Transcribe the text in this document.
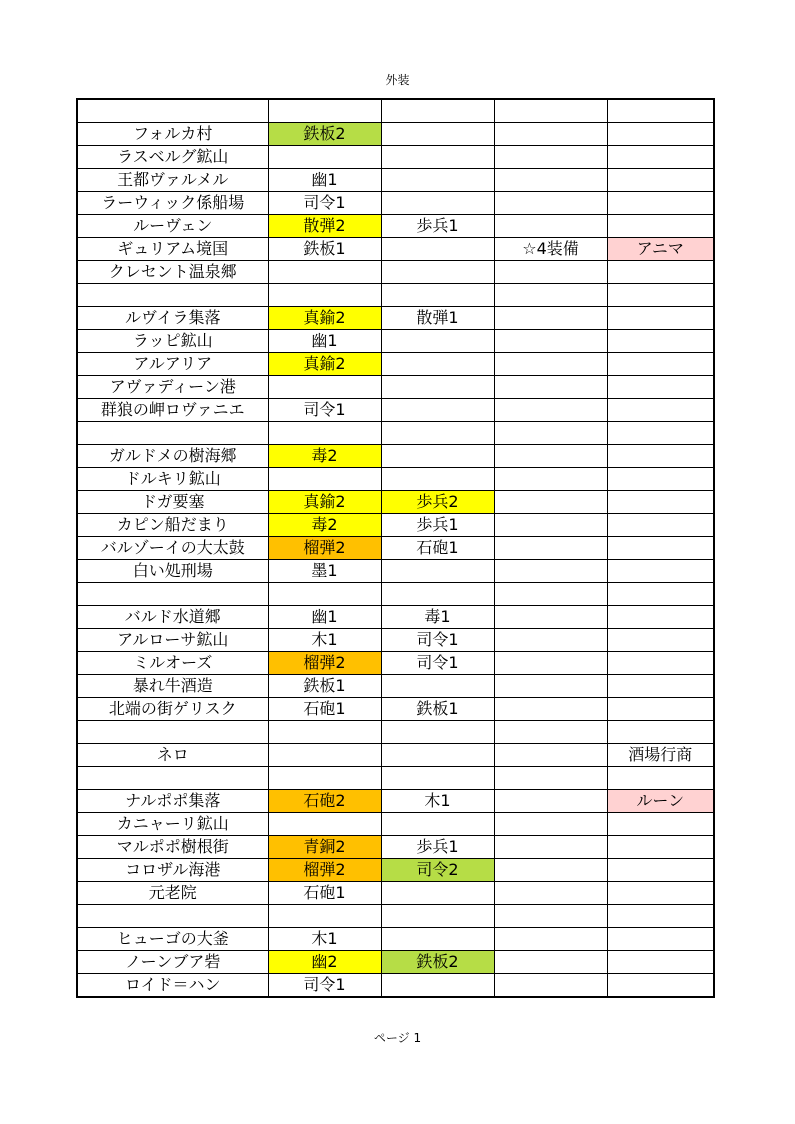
外装

フォルカ村	鉄板2			
ラスベルグ鉱山				
王都ヴァルメル	幽1			
ラーウィック係船場	司令1			
ルーヴェン	散弾2	歩兵1		
ギュリアム境国	鉄板1		☆4装備	アニマ
クレセント温泉郷				

ルヴイラ集落	真鍮2	散弾1		
ラッピ鉱山	幽1			
アルアリア	真鍮2			
アヴァディーン港				
群狼の岬ロヴァニエ	司令1			

ガルドメの樹海郷	毒2			
ドルキリ鉱山				
ドガ要塞	真鍮2	歩兵2		
カピン船だまり	毒2	歩兵1		
バルゾーイの大太鼓	榴弾2	石砲1		
白い処刑場	墨1			

バルド水道郷	幽1	毒1		
アルローサ鉱山	木1	司令1		
ミルオーズ	榴弾2	司令1		
暴れ牛酒造	鉄板1			
北端の街ゲリスク	石砲1	鉄板1		

ネロ				酒場行商

ナルポポ集落	石砲2	木1		ルーン
カニャーリ鉱山				
マルポポ樹根街	青銅2	歩兵1		
コロザル海港	榴弾2	司令2		
元老院	石砲1			

ヒューゴの大釜	木1			
ノーンブア砦	幽2	鉄板2		
ロイド＝ハン	司令1			
ページ 1
